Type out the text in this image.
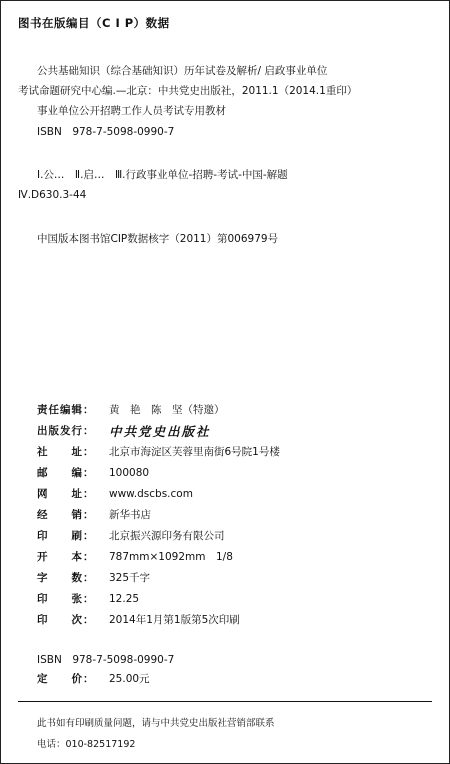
图书在版编目（C I P）数据
公共基础知识（综合基础知识）历年试卷及解析/ 启政事业单位
考试命题研究中心编.—北京：中共党史出版社，2011.1（2014.1重印）
事业单位公开招聘工作人员考试专用教材
ISBN　978-7-5098-0990-7
Ⅰ.公…　Ⅱ.启…　Ⅲ.行政事业单位-招聘-考试-中国-解题
Ⅳ.D630.3-44
中国版本图书馆CIP数据核字（2011）第006979号
责任编辑：	黄　艳　陈　坚（特邀）
出版发行：	中共党史出版社
社　　址：	北京市海淀区芙蓉里南街6号院1号楼
邮　　编：	100080
网　　址：	www.dscbs.com
经　　销：	新华书店
印　　刷：	北京振兴源印务有限公司
开　　本：	787mm×1092mm　1/8
字　　数：	325千字
印　　张：	12.25
印　　次：	2014年1月第1版第5次印刷
ISBN　978-7-5098-0990-7
定　　价： 25.00元
此书如有印刷质量问题，请与中共党史出版社营销部联系
电话：010-82517192
